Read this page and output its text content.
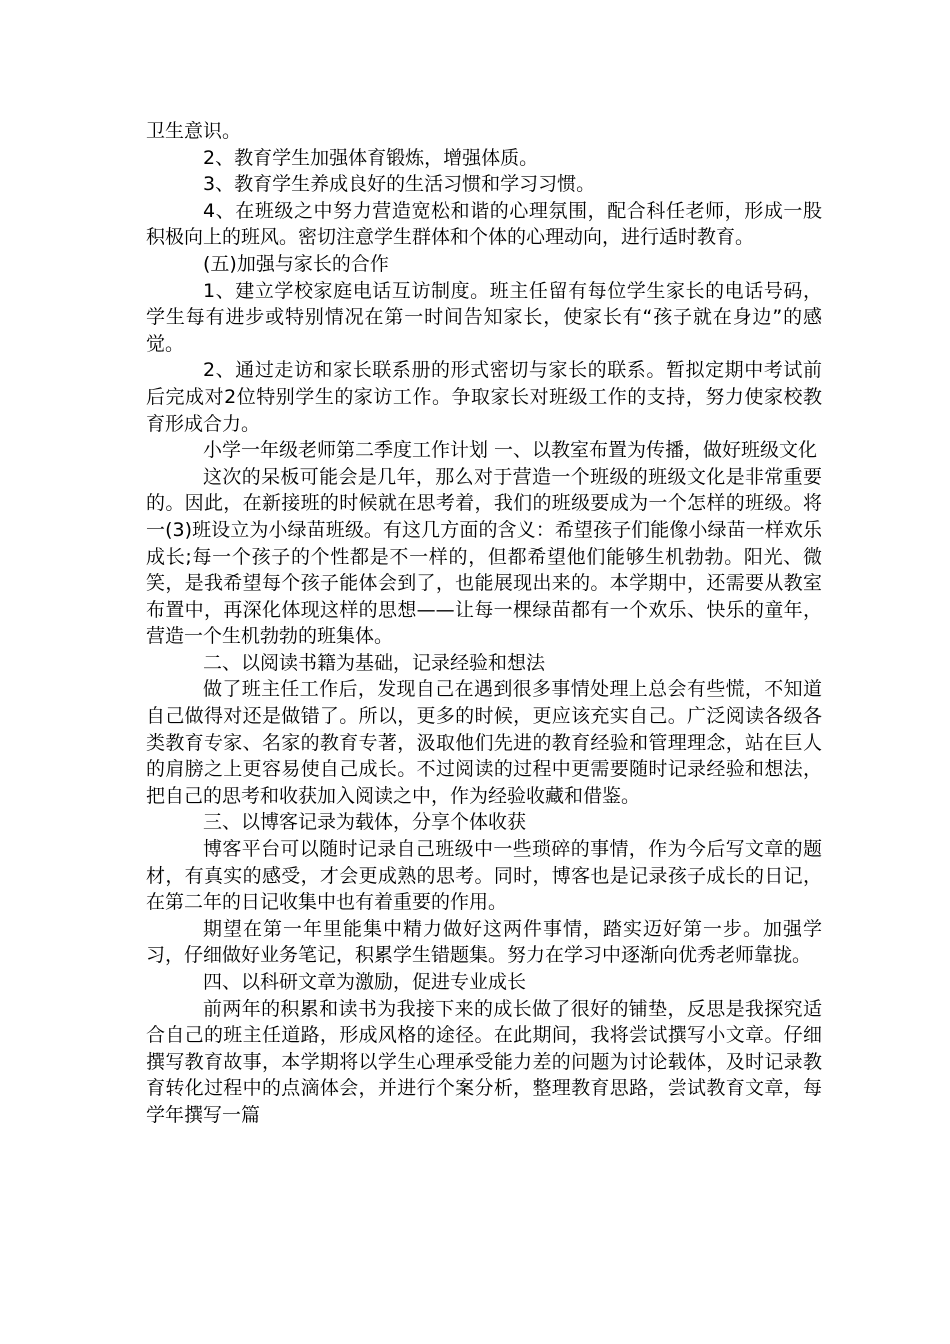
卫生意识。

2、教育学生加强体育锻炼，增强体质。

3、教育学生养成良好的生活习惯和学习习惯。

4、在班级之中努力营造宽松和谐的心理氛围，配合科任老师，形成一股积极向上的班风。密切注意学生群体和个体的心理动向，进行适时教育。

(五)加强与家长的合作

1、建立学校家庭电话互访制度。班主任留有每位学生家长的电话号码，学生每有进步或特别情况在第一时间告知家长，使家长有“孩子就在身边”的感觉。

2、通过走访和家长联系册的形式密切与家长的联系。暂拟定期中考试前后完成对2位特别学生的家访工作。争取家长对班级工作的支持，努力使家校教育形成合力。

小学一年级老师第二季度工作计划 一、以教室布置为传播，做好班级文化

这次的呆板可能会是几年，那么对于营造一个班级的班级文化是非常重要的。因此，在新接班的时候就在思考着，我们的班级要成为一个怎样的班级。将一(3)班设立为小绿苗班级。有这几方面的含义：希望孩子们能像小绿苗一样欢乐成长;每一个孩子的个性都是不一样的，但都希望他们能够生机勃勃。阳光、微笑，是我希望每个孩子能体会到了，也能展现出来的。本学期中，还需要从教室布置中，再深化体现这样的思想——让每一棵绿苗都有一个欢乐、快乐的童年，营造一个生机勃勃的班集体。

二、以阅读书籍为基础，记录经验和想法

做了班主任工作后，发现自己在遇到很多事情处理上总会有些慌，不知道自己做得对还是做错了。所以，更多的时候，更应该充实自己。广泛阅读各级各类教育专家、名家的教育专著，汲取他们先进的教育经验和管理理念，站在巨人的肩膀之上更容易使自己成长。不过阅读的过程中更需要随时记录经验和想法，把自己的思考和收获加入阅读之中，作为经验收藏和借鉴。

三、以博客记录为载体，分享个体收获

博客平台可以随时记录自己班级中一些琐碎的事情，作为今后写文章的题材，有真实的感受，才会更成熟的思考。同时，博客也是记录孩子成长的日记，在第二年的日记收集中也有着重要的作用。

期望在第一年里能集中精力做好这两件事情，踏实迈好第一步。加强学习，仔细做好业务笔记，积累学生错题集。努力在学习中逐渐向优秀老师靠拢。

四、以科研文章为激励，促进专业成长

前两年的积累和读书为我接下来的成长做了很好的铺垫，反思是我探究适合自己的班主任道路，形成风格的途径。在此期间，我将尝试撰写小文章。仔细撰写教育故事，本学期将以学生心理承受能力差的问题为讨论载体，及时记录教育转化过程中的点滴体会，并进行个案分析，整理教育思路，尝试教育文章，每学年撰写一篇
